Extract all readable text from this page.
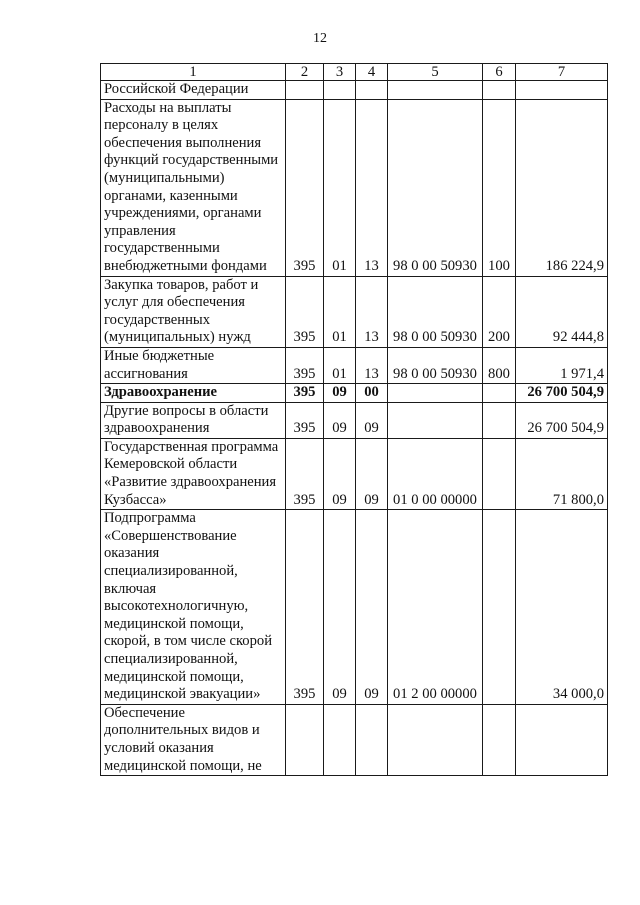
12
1	2	3	4	5	6	7
Российской Федерации						
Расходы на выплаты персоналу в целях обеспечения выполнения функций государственными (муниципальными) органами, казенными учреждениями, органами управления государственными внебюджетными фондами	395	01	13	98 0 00 50930	100	186 224,9
Закупка товаров, работ и услуг для обеспечения государственных (муниципальных) нужд	395	01	13	98 0 00 50930	200	92 444,8
Иные бюджетные ассигнования	395	01	13	98 0 00 50930	800	1 971,4
Здравоохранение	395	09	00			26 700 504,9
Другие вопросы в области здравоохранения	395	09	09			26 700 504,9
Государственная программа Кемеровской области «Развитие здравоохранения Кузбасса»	395	09	09	01 0 00 00000		71 800,0
Подпрограмма «Совершенствование оказания специализированной, включая высокотехнологичную, медицинской помощи, скорой, в том числе скорой специализированной, медицинской помощи, медицинской эвакуации»	395	09	09	01 2 00 00000		34 000,0
Обеспечение дополнительных видов и условий оказания медицинской помощи, не						
